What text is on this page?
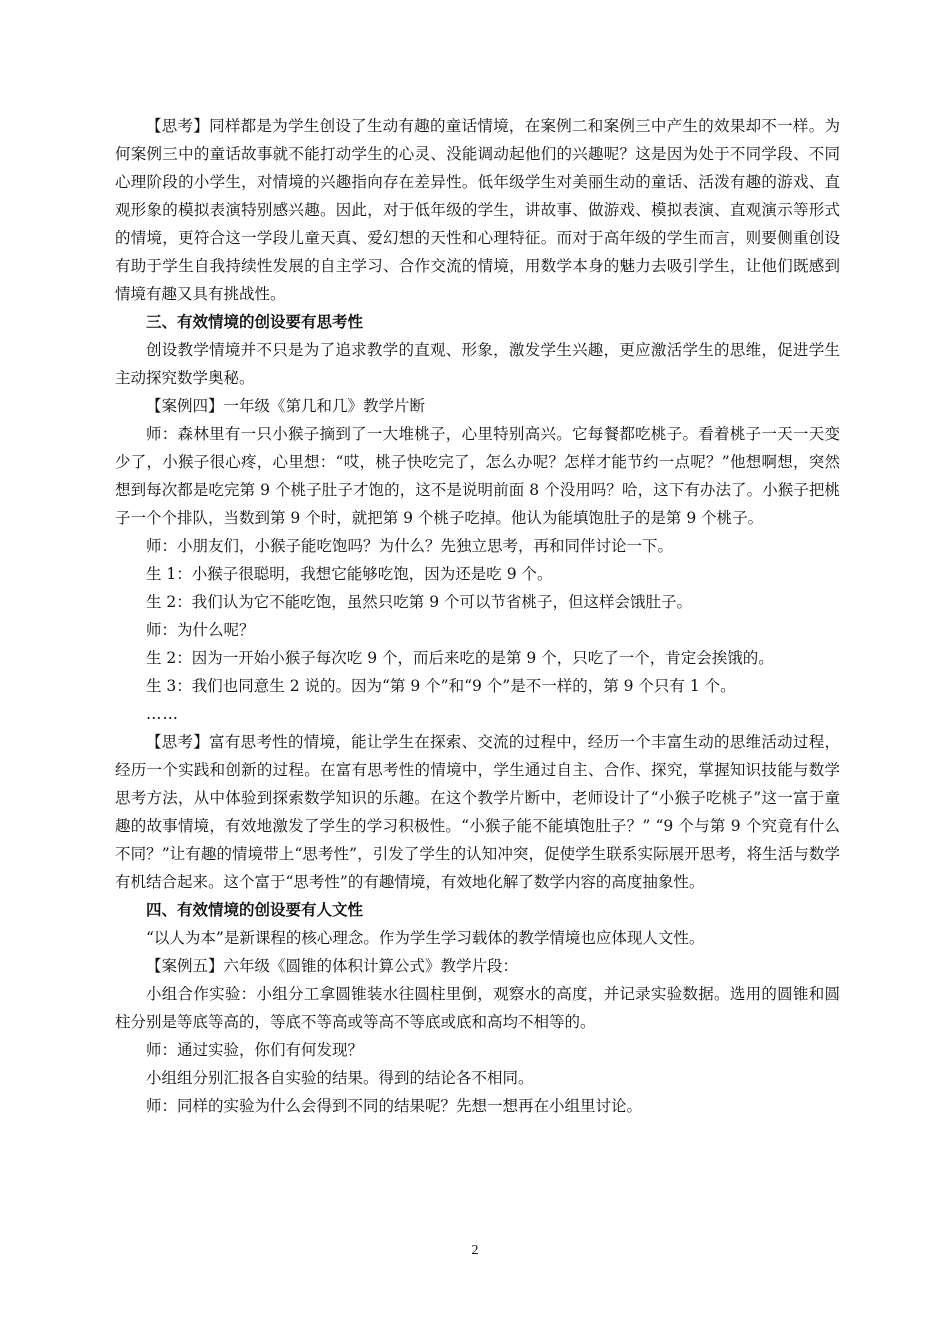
【思考】同样都是为学生创设了生动有趣的童话情境，在案例二和案例三中产生的效果却不一样。为何案例三中的童话故事就不能打动学生的心灵、没能调动起他们的兴趣呢？这是因为处于不同学段、不同心理阶段的小学生，对情境的兴趣指向存在差异性。低年级学生对美丽生动的童话、活泼有趣的游戏、直观形象的模拟表演特别感兴趣。因此，对于低年级的学生，讲故事、做游戏、模拟表演、直观演示等形式的情境，更符合这一学段儿童天真、爱幻想的天性和心理特征。而对于高年级的学生而言，则要侧重创设有助于学生自我持续性发展的自主学习、合作交流的情境，用数学本身的魅力去吸引学生，让他们既感到情境有趣又具有挑战性。

三、有效情境的创设要有思考性

创设教学情境并不只是为了追求教学的直观、形象，激发学生兴趣，更应激活学生的思维，促进学生主动探究数学奥秘。

【案例四】一年级《第几和几》教学片断

师：森林里有一只小猴子摘到了一大堆桃子，心里特别高兴。它每餐都吃桃子。看着桃子一天一天变少了，小猴子很心疼，心里想：“哎，桃子快吃完了，怎么办呢？怎样才能节约一点呢？”他想啊想，突然想到每次都是吃完第 9 个桃子肚子才饱的，这不是说明前面 8 个没用吗？哈，这下有办法了。小猴子把桃子一个个排队，当数到第 9 个时，就把第 9 个桃子吃掉。他认为能填饱肚子的是第 9 个桃子。

师：小朋友们，小猴子能吃饱吗？为什么？先独立思考，再和同伴讨论一下。

生 1：小猴子很聪明，我想它能够吃饱，因为还是吃 9 个。

生 2：我们认为它不能吃饱，虽然只吃第 9 个可以节省桃子，但这样会饿肚子。

师：为什么呢？

生 2：因为一开始小猴子每次吃 9 个，而后来吃的是第 9 个，只吃了一个，肯定会挨饿的。

生 3：我们也同意生 2 说的。因为“第 9 个”和“9 个”是不一样的，第 9 个只有 1 个。

……

【思考】富有思考性的情境，能让学生在探索、交流的过程中，经历一个丰富生动的思维活动过程，经历一个实践和创新的过程。在富有思考性的情境中，学生通过自主、合作、探究，掌握知识技能与数学思考方法，从中体验到探索数学知识的乐趣。在这个教学片断中，老师设计了“小猴子吃桃子”这一富于童趣的故事情境，有效地激发了学生的学习积极性。“小猴子能不能填饱肚子？” “9 个与第 9 个究竟有什么不同？”让有趣的情境带上“思考性”，引发了学生的认知冲突，促使学生联系实际展开思考，将生活与数学有机结合起来。这个富于“思考性”的有趣情境，有效地化解了数学内容的高度抽象性。

四、有效情境的创设要有人文性

“以人为本”是新课程的核心理念。作为学生学习载体的教学情境也应体现人文性。

【案例五】六年级《圆锥的体积计算公式》教学片段：

小组合作实验：小组分工拿圆锥装水往圆柱里倒，观察水的高度，并记录实验数据。选用的圆锥和圆柱分别是等底等高的，等底不等高或等高不等底或底和高均不相等的。

师：通过实验，你们有何发现？

小组组分别汇报各自实验的结果。得到的结论各不相同。

师：同样的实验为什么会得到不同的结果呢？先想一想再在小组里讨论。

2
